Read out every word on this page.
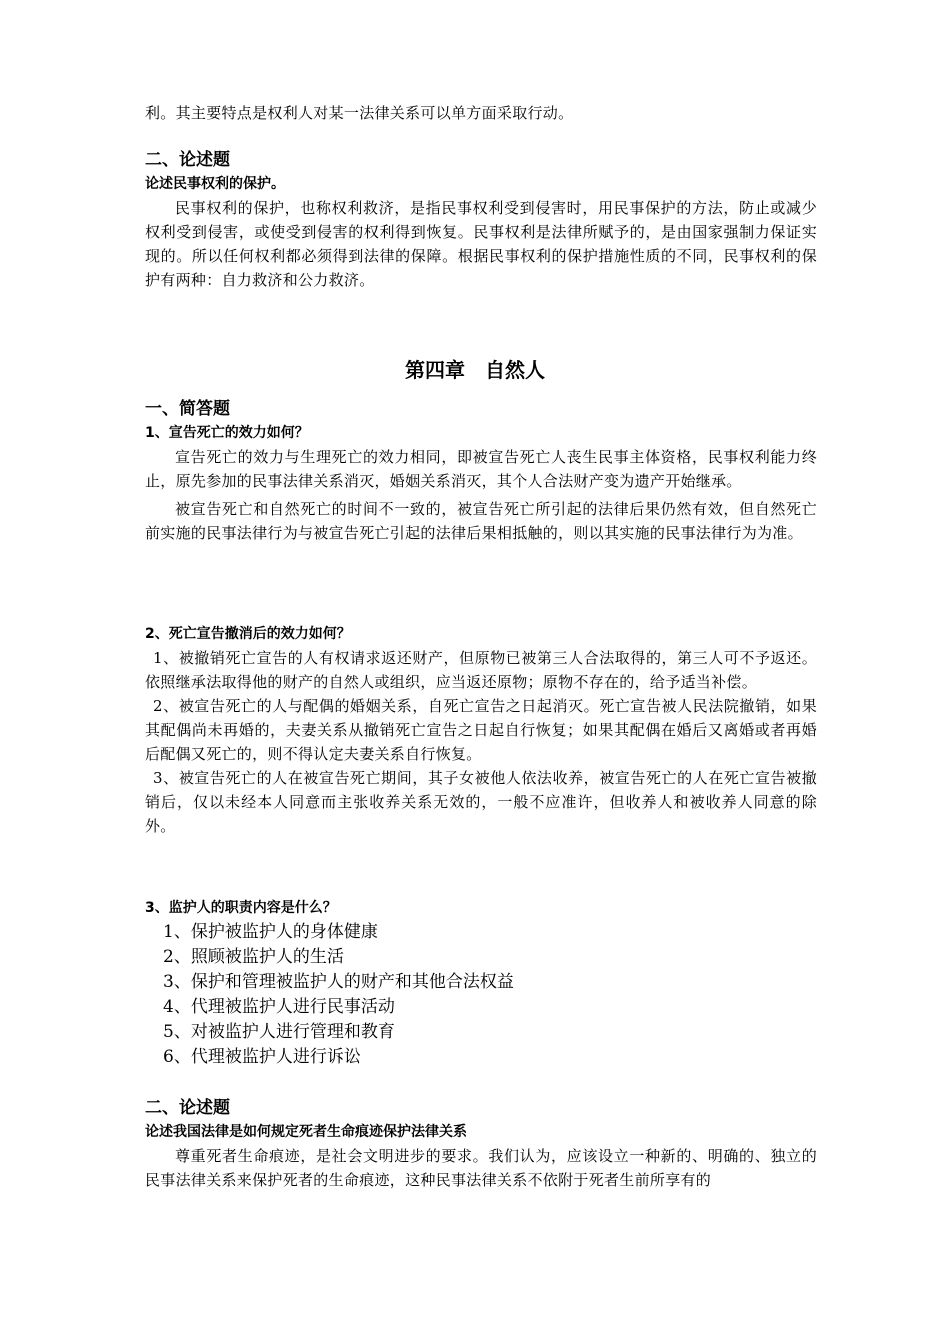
利。其主要特点是权利人对某一法律关系可以单方面采取行动。

二、论述题
论述民事权利的保护。

民事权利的保护，也称权利救济，是指民事权利受到侵害时，用民事保护的方法，防止或减少权利受到侵害，或使受到侵害的权利得到恢复。民事权利是法律所赋予的，是由国家强制力保证实现的。所以任何权利都必须得到法律的保障。根据民事权利的保护措施性质的不同，民事权利的保护有两种：自力救济和公力救济。

第四章　自然人
一、简答题
1、宣告死亡的效力如何？

宣告死亡的效力与生理死亡的效力相同，即被宣告死亡人丧生民事主体资格，民事权利能力终止，原先参加的民事法律关系消灭，婚姻关系消灭，其个人合法财产变为遗产开始继承。

被宣告死亡和自然死亡的时间不一致的，被宣告死亡所引起的法律后果仍然有效，但自然死亡前实施的民事法律行为与被宣告死亡引起的法律后果相抵触的，则以其实施的民事法律行为为准。

2、死亡宣告撤消后的效力如何？

1、被撤销死亡宣告的人有权请求返还财产，但原物已被第三人合法取得的，第三人可不予返还。依照继承法取得他的财产的自然人或组织，应当返还原物；原物不存在的，给予适当补偿。

2、被宣告死亡的人与配偶的婚姻关系，自死亡宣告之日起消灭。死亡宣告被人民法院撤销，如果其配偶尚未再婚的，夫妻关系从撤销死亡宣告之日起自行恢复；如果其配偶在婚后又离婚或者再婚后配偶又死亡的，则不得认定夫妻关系自行恢复。

3、被宣告死亡的人在被宣告死亡期间，其子女被他人依法收养，被宣告死亡的人在死亡宣告被撤销后，仅以未经本人同意而主张收养关系无效的，一般不应准许，但收养人和被收养人同意的除外。

3、监护人的职责内容是什么？
1、保护被监护人的身体健康
2、照顾被监护人的生活
3、保护和管理被监护人的财产和其他合法权益
4、代理被监护人进行民事活动
5、对被监护人进行管理和教育
6、代理被监护人进行诉讼
二、论述题
论述我国法律是如何规定死者生命痕迹保护法律关系

尊重死者生命痕迹，是社会文明进步的要求。我们认为，应该设立一种新的、明确的、独立的民事法律关系来保护死者的生命痕迹，这种民事法律关系不依附于死者生前所享有的
